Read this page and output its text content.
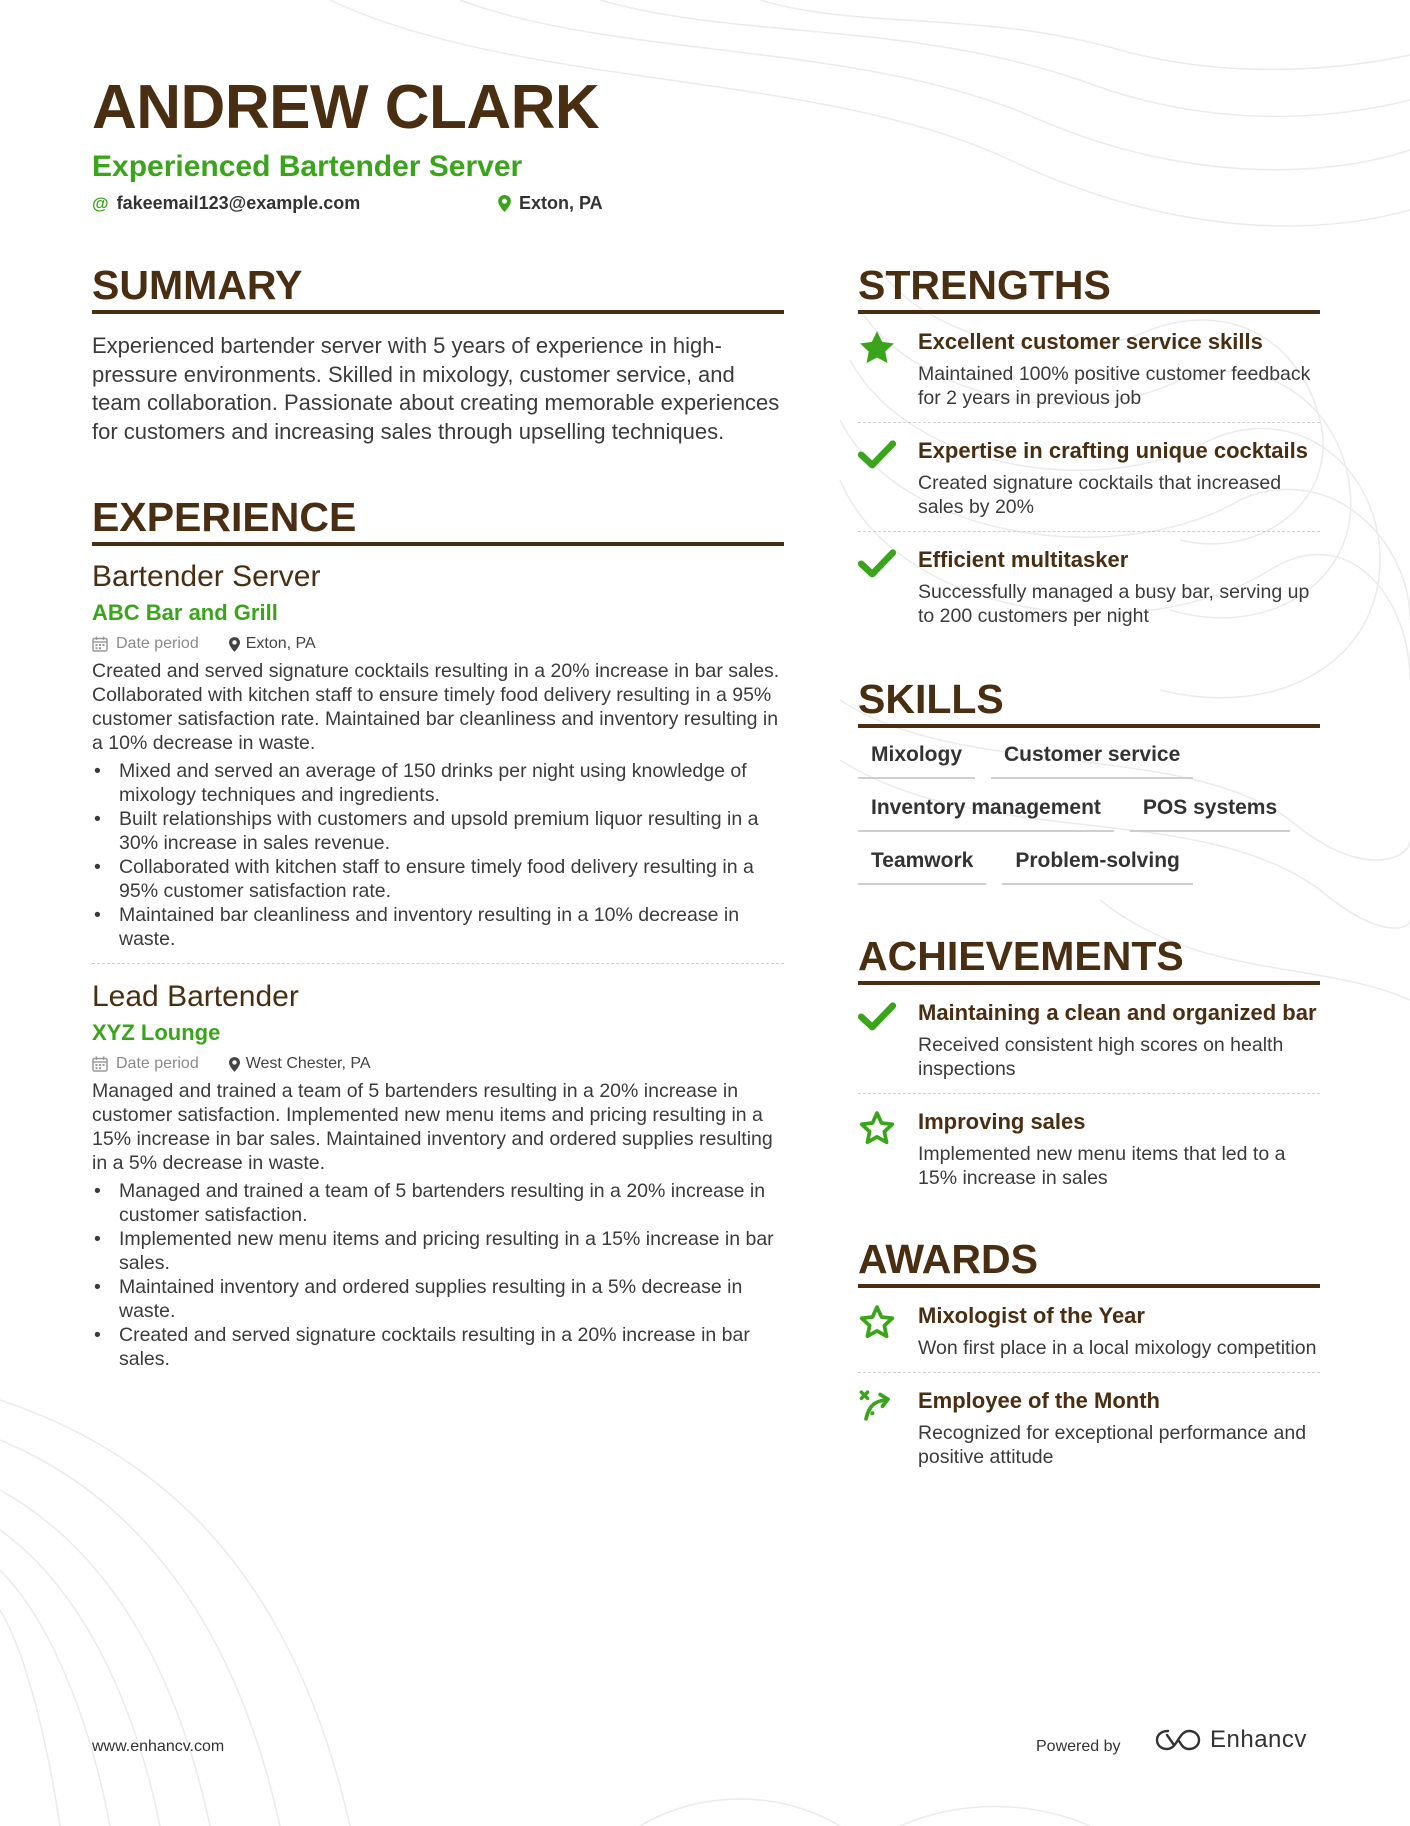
ANDREW CLARK
Experienced Bartender Server
@ fakeemail123@example.com	Exton, PA
SUMMARY

Experienced bartender server with 5 years of experience in high-pressure environments. Skilled in mixology, customer service, and team collaboration. Passionate about creating memorable experiences for customers and increasing sales through upselling techniques.

EXPERIENCE
Bartender Server
ABC Bar and Grill
Date period	Exton, PA
Created and served signature cocktails resulting in a 20% increase in bar sales. Collaborated with kitchen staff to ensure timely food delivery resulting in a 95% customer satisfaction rate. Maintained bar cleanliness and inventory resulting in a 10% decrease in waste.
• Mixed and served an average of 150 drinks per night using knowledge of mixology techniques and ingredients.
• Built relationships with customers and upsold premium liquor resulting in a 30% increase in sales revenue.
• Collaborated with kitchen staff to ensure timely food delivery resulting in a 95% customer satisfaction rate.
• Maintained bar cleanliness and inventory resulting in a 10% decrease in waste.
Lead Bartender
XYZ Lounge
Date period	West Chester, PA
Managed and trained a team of 5 bartenders resulting in a 20% increase in customer satisfaction. Implemented new menu items and pricing resulting in a 15% increase in bar sales. Maintained inventory and ordered supplies resulting in a 5% decrease in waste.
• Managed and trained a team of 5 bartenders resulting in a 20% increase in customer satisfaction.
• Implemented new menu items and pricing resulting in a 15% increase in bar sales.
• Maintained inventory and ordered supplies resulting in a 5% decrease in waste.
• Created and served signature cocktails resulting in a 20% increase in bar sales.
STRENGTHS
Excellent customer service skills
Maintained 100% positive customer feedback for 2 years in previous job
Expertise in crafting unique cocktails
Created signature cocktails that increased sales by 20%
Efficient multitasker
Successfully managed a busy bar, serving up to 200 customers per night
SKILLS
Mixology	Customer service
Inventory management	POS systems
Teamwork	Problem-solving
ACHIEVEMENTS
Maintaining a clean and organized bar
Received consistent high scores on health inspections
Improving sales
Implemented new menu items that led to a 15% increase in sales
AWARDS
Mixologist of the Year
Won first place in a local mixology competition
Employee of the Month
Recognized for exceptional performance and positive attitude
www.enhancv.com	Powered by	Enhancv
